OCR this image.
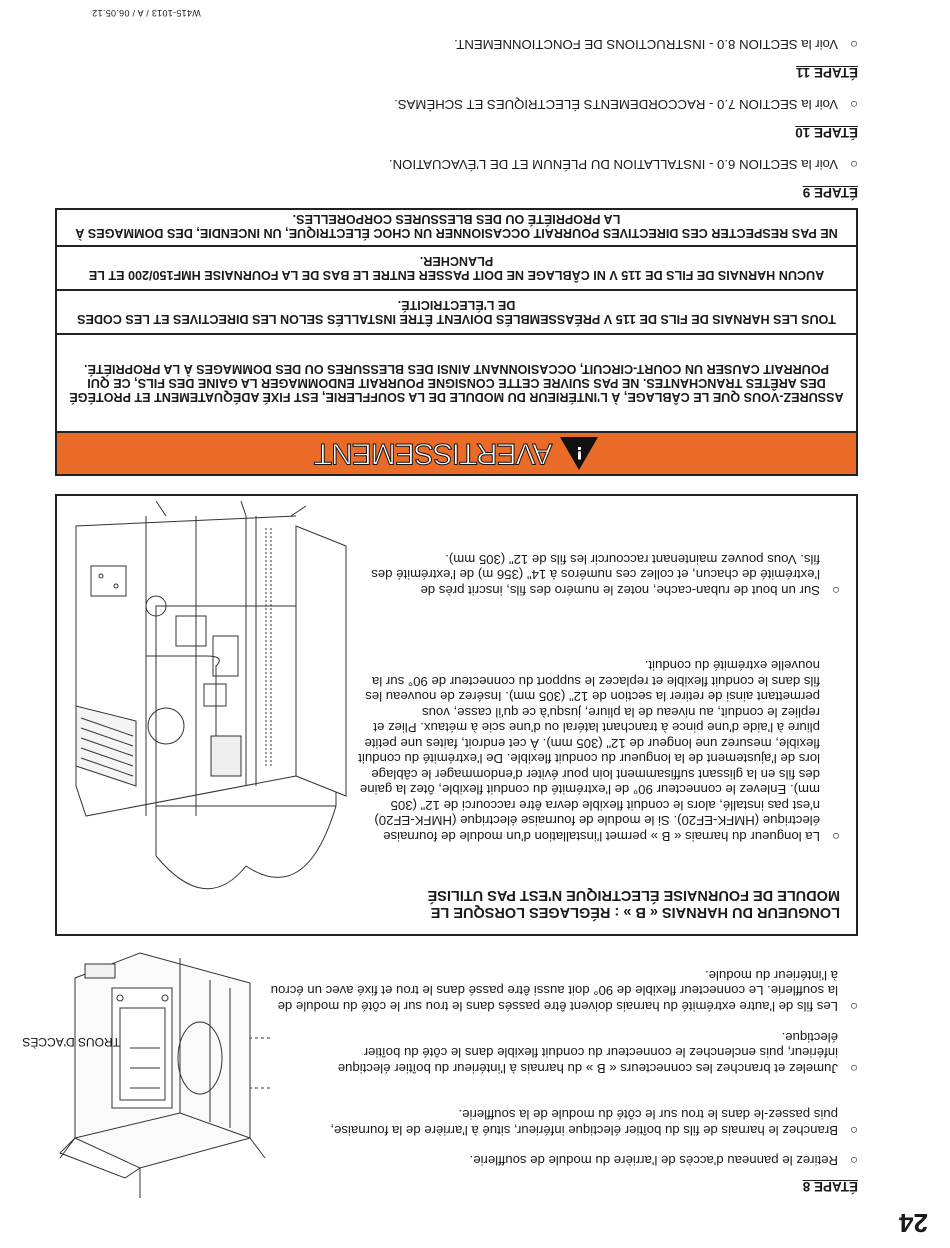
24
ÉTAPE 8
○
Retirez le panneau d'accès de l'arrière du module de soufflerie.
○
Branchez le harnais de fils du boîtier électique inférieur, situé à l'arrière de la fournaise, puis passez-le dans le trou sur le côté du module de la soufflerie.
○
Jumelez et branchez les connecteurs « B » du harnais à l'intérieur du boîtier électique inférieur, puis enclenchez le connecteur du conduit flexible dans le côté du boîtier électique.
○
Les fils de l'autre extrémité du harnais doivent être passés dans le trou sur le côté du module de la soufflerie. Le connecteur flexible de 90° doit aussi être passé dans le trou et fixé avec un écrou à l'intérieur du module.
TROUS D'ACCÈS
LONGUEUR DU HARNAIS « B » : RÉGLAGES LORSQUE LE MODULE DE FOURNAISE ÉLECTRIQUE N'EST PAS UTILISÉ
○
La longueur du harnais « B » permet l'installation d'un module de fournaise électrique (HMFK-EF20). Si le module de fournaise électrique (HMFK-EF20) n'est pas installé, alors le conduit flexible devra être raccourci de 12" (305 mm). Enlevez le connecteur 90° de l'extrémité du conduit flexible, ôtez la gaine des fils en la glissant suffisamment loin pour éviter d'endommager le câblage lors de l'ajustement de la longueur du conduit flexible. De l'extrémité du conduit flexible, mesurez une longeur de 12" (305 mm). À cet endroit, faites une petite pliure à l'aide d'une pince à tranchant latéral ou d'une scie à métaux. Pliez et repliez le conduit, au niveau de la pliure, jusqu'à ce qu'il casse, vous permettant ainsi de retirer la section de 12" (305 mm). Insérez de nouveau les fils dans le conduit flexible et replacez le support du connecteur de 90° sur la nouvelle extrémité du conduit.
○
Sur un bout de ruban-cache, notez le numéro des fils, inscrit près de l'extrémité de chacun, et collez ces numéros à 14" (356 m) de l'extrémité des fils. Vous pouvez maintenant raccourcir les fils de 12" (305 mm).
!
AVERTISSEMENT
ASSUREZ-VOUS QUE LE CÂBLAGE, À L'INTÉRIEUR DU MODULE DE LA SOUFFLERIE, EST FIXÉ ADÉQUATEMENT ET PROTÉGÉ DES ARÊTES TRANCHANTES. NE PAS SUIVRE CETTE CONSIGNE POURRAIT ENDOMMAGER LA GAINE DES FILS, CE QUI POURRAIT CAUSER UN COURT-CIRCUIT, OCCASIONNANT AINSI DES BLESSURES OU DES DOMMAGES À LA PROPRIÉTÉ.
TOUS LES HARNAIS DE FILS DE 115 V PRÉASSEMBLÉS DOIVENT ÊTRE INSTALLÉS SELON LES DIRECTIVES ET LES CODES DE L'ÉLECTRICITÉ.
AUCUN HARNAIS DE FILS DE 115 V NI CÂBLAGE NE DOIT PASSER ENTRE LE BAS DE LA FOURNAISE HMF150/200 ET LE PLANCHER.
NE PAS RESPECTER CES DIRECTIVES POURRAIT OCCASIONNER UN CHOC ÉLECTRIQUE, UN INCENDIE, DES DOMMAGES À LA PROPRIÉTÉ OU DES BLESSURES CORPORELLES.
ÉTAPE 9
○
Voir la SECTION 6.0 - INSTALLATION DU PLÉNUM ET DE L'ÉVACUATION.
ÉTAPE 10
○
Voir la SECTION 7.0 - RACCORDEMENTS ÉLECTRIQUES ET SCHÉMAS.
ÉTAPE 11
○
Voir la SECTION 8.0 - INSTRUCTIONS DE FONCTIONNEMENT.
W415-1013 / A / 06.05.12
